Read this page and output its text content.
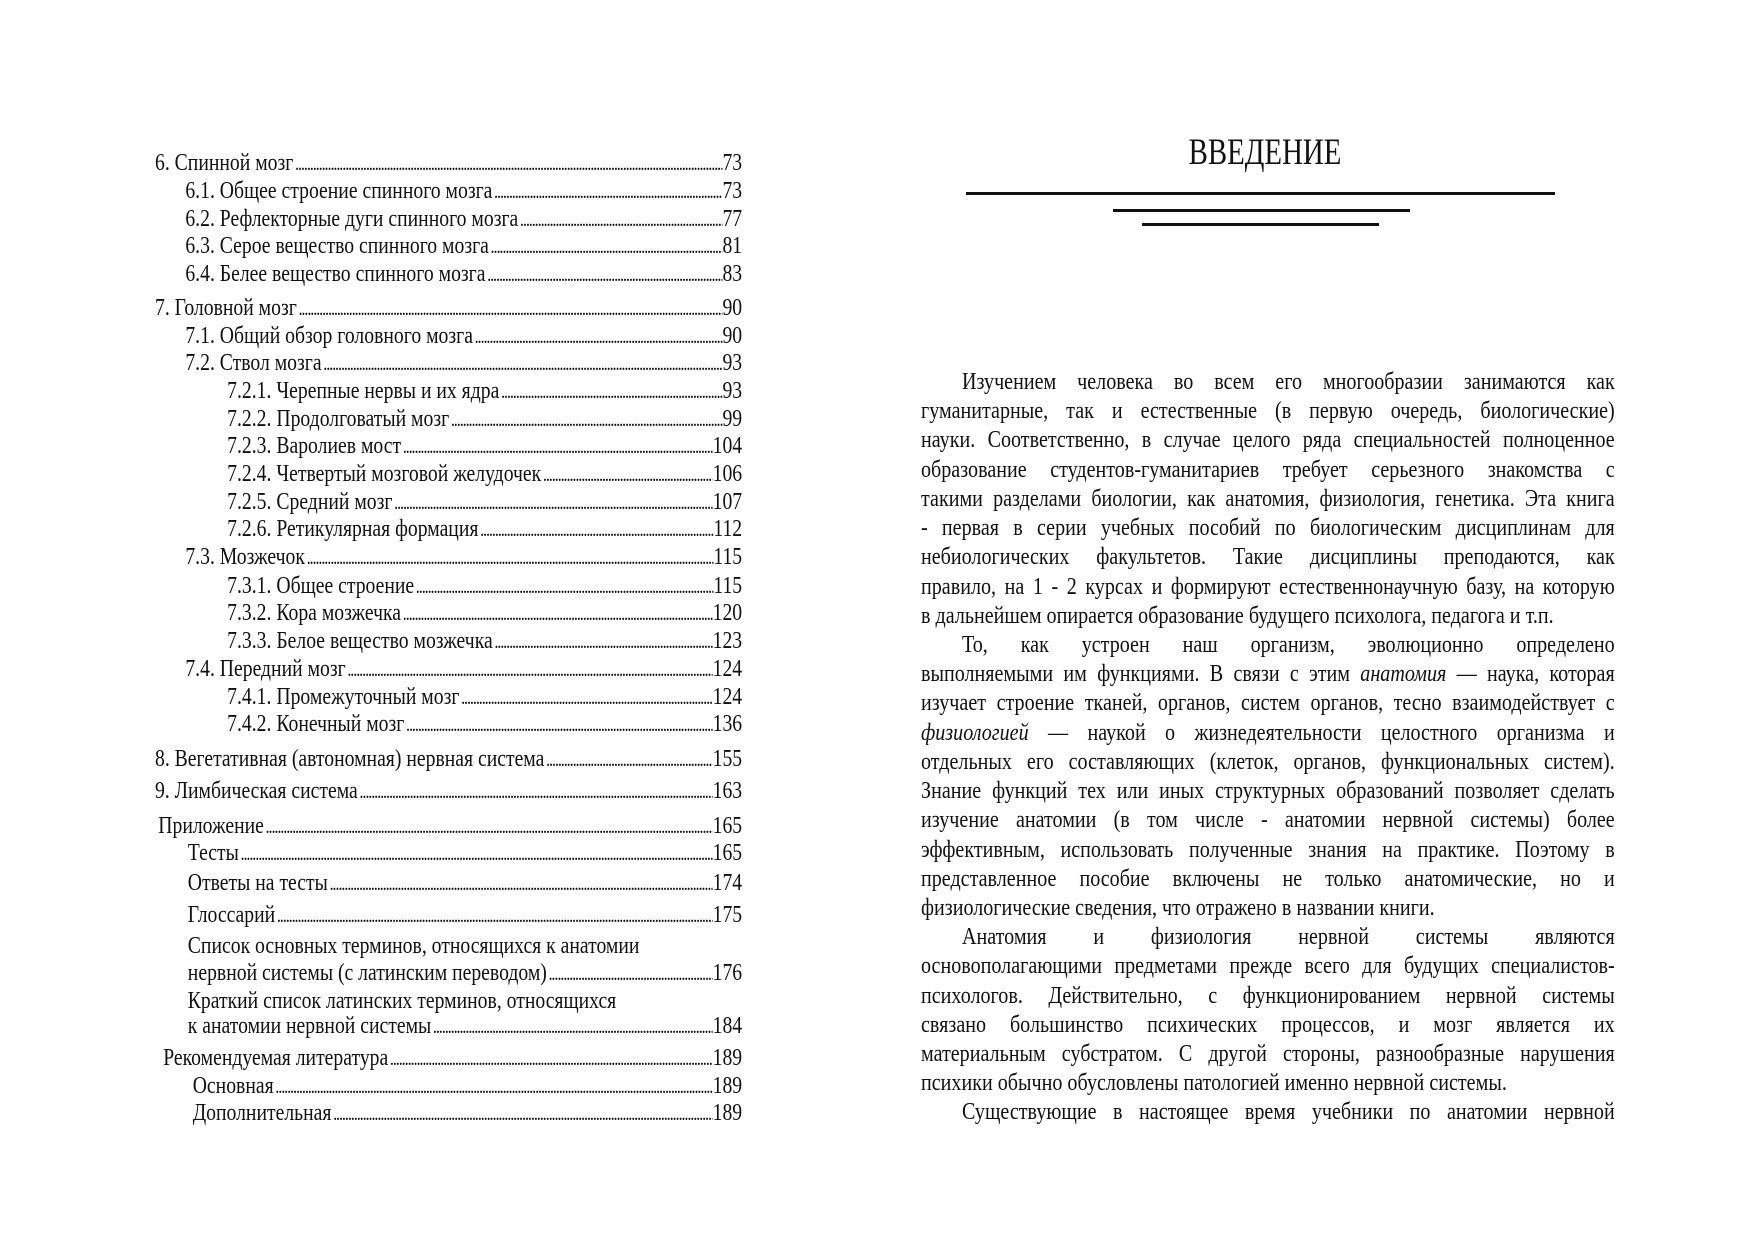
6. Спинной мозг . . .	73
6.1. Общее строение спинного мозга . . .	73
6.2. Рефлекторные дуги спинного мозга . . .	77
6.3. Серое вещество спинного мозга . . .	81
6.4. Белее вещество спинного мозга . . .	83
7. Головной мозг . . .	90
7.1. Общий обзор головного мозга . . .	90
7.2. Ствол мозга . . .	93
7.2.1. Черепные нервы и их ядра . . .	93
7.2.2. Продолговатый мозг . . .	99
7.2.3. Варолиев мост . . .	104
7.2.4. Четвертый мозговой желудочек . . .	106
7.2.5. Средний мозг . . .	107
7.2.6. Ретикулярная формация . . .	112
7.3. Мозжечок . . .	115
7.3.1. Общее строение . . .	115
7.3.2. Кора мозжечка . . .	120
7.3.3. Белое вещество мозжечка . . .	123
7.4. Передний мозг . . .	124
7.4.1. Промежуточный мозг . . .	124
7.4.2. Конечный мозг . . .	136
8. Вегетативная (автономная) нервная система . . .	155
9. Лимбическая система . . .	163
Приложение . . .	165
Тесты . . .	165
Ответы на тесты . . .	174
Глоссарий . . .	175
Список основных терминов, относящихся к анатомии
нервной системы (с латинским переводом) . . .	176
Краткий список латинских терминов, относящихся
к анатомии нервной системы . . .	184
Рекомендуемая литература . . .	189
Основная . . .	189
Дополнительная . . .	189
ВВЕДЕНИЕ
Изучением человека во всем его многообразии занимаются как
гуманитарные, так и естественные (в первую очередь, биологические)
науки. Соответственно, в случае целого ряда специальностей полноценное
образование студентов-гуманитариев требует серьезного знакомства с
такими разделами биологии, как анатомия, физиология, генетика. Эта книга
- первая в серии учебных пособий по биологическим дисциплинам для
небиологических факультетов. Такие дисциплины преподаются, как
правило, на 1 - 2 курсах и формируют естественнонаучную базу, на которую
в дальнейшем опирается образование будущего психолога, педагога и т.п.
То, как устроен наш организм, эволюционно определено
выполняемыми им функциями. В связи с этим анатомия — наука, которая
изучает строение тканей, органов, систем органов, тесно взаимодействует с
физиологией — наукой о жизнедеятельности целостного организма и
отдельных его составляющих (клеток, органов, функциональных систем).
Знание функций тех или иных структурных образований позволяет сделать
изучение анатомии (в том числе - анатомии нервной системы) более
эффективным, использовать полученные знания на практике. Поэтому в
представленное пособие включены не только анатомические, но и
физиологические сведения, что отражено в названии книги.
Анатомия и физиология нервной системы являются
основополагающими предметами прежде всего для будущих специалистов-
психологов. Действительно, с функционированием нервной системы
связано большинство психических процессов, и мозг является их
материальным субстратом. С другой стороны, разнообразные нарушения
психики обычно обусловлены патологией именно нервной системы.
Существующие в настоящее время учебники по анатомии нервной
